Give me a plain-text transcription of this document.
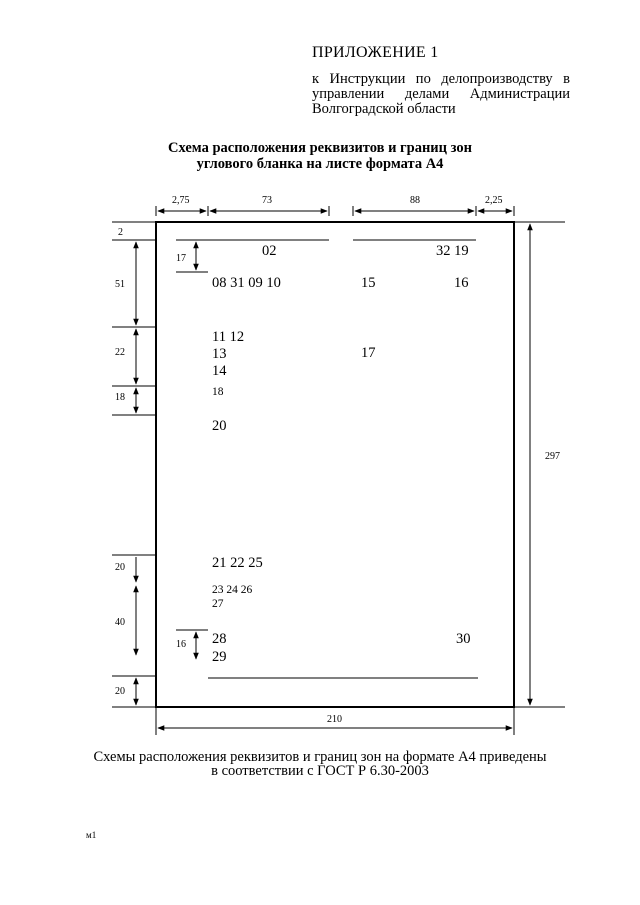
ПРИЛОЖЕНИЕ 1
к Инструкции по делопроизводству в управлении делами Администрации Волгоградской области
Схема расположения реквизитов и границ зон
углового бланка на листе формата А4
2,75	73	88	2,25
2
51
22
18
20
40
20
17
16
297
210
02	32 19
08 31 09 10	15	16
11 12
13	17
14
18
20
21 22 25
23 24 26
27
28	30
29
Схемы расположения реквизитов и границ зон на формате А4 приведены
в соответствии с ГОСТ Р 6.30-2003
м1
